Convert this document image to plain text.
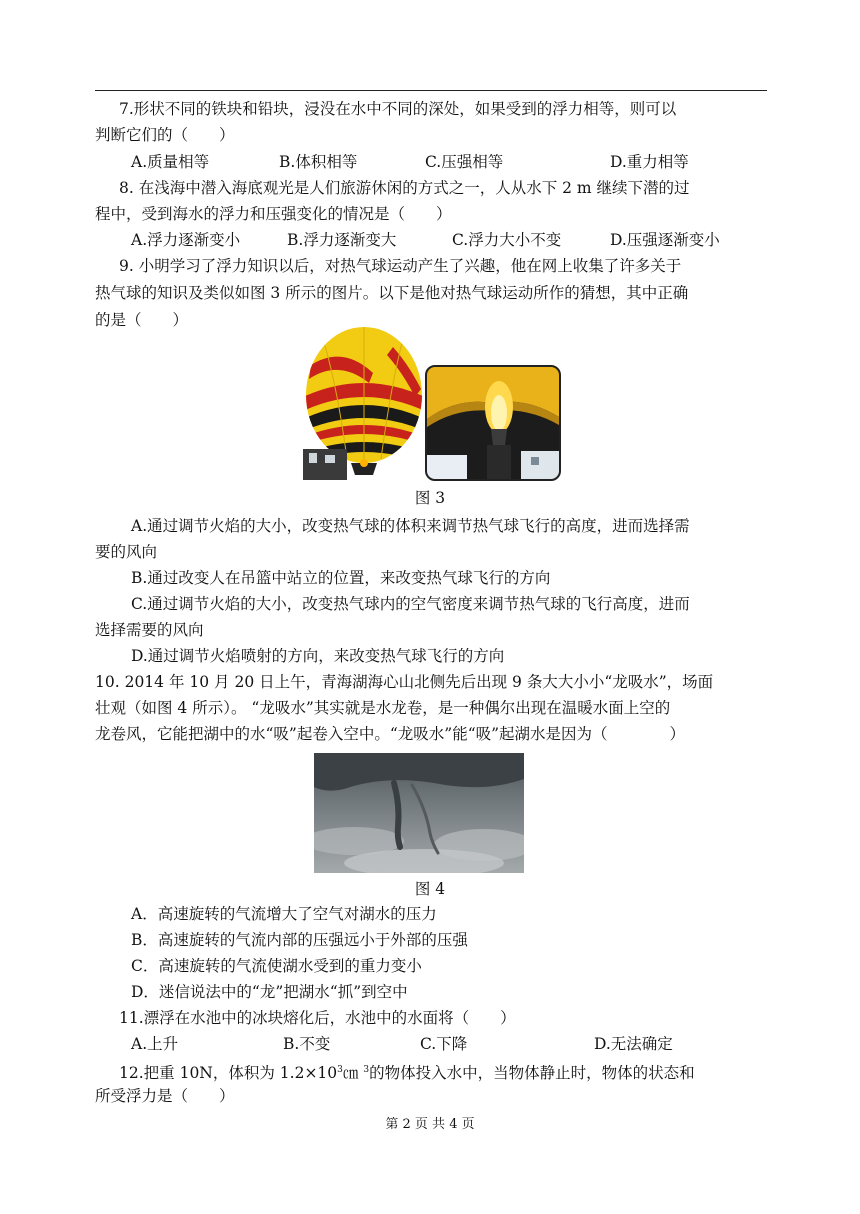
7.形状不同的铁块和铅块，浸没在水中不同的深处，如果受到的浮力相等，则可以
判断它们的（　　）
A.质量相等	B.体积相等	C.压强相等	D.重力相等
8. 在浅海中潜入海底观光是人们旅游休闲的方式之一，人从水下 2 m 继续下潜的过
程中，受到海水的浮力和压强变化的情况是（　　）
A.浮力逐渐变小	B.浮力逐渐变大	C.浮力大小不变	D.压强逐渐变小
9. 小明学习了浮力知识以后，对热气球运动产生了兴趣，他在网上收集了许多关于
热气球的知识及类似如图 3 所示的图片。以下是他对热气球运动所作的猜想，其中正确
的是（　　）
图 3
A.通过调节火焰的大小，改变热气球的体积来调节热气球飞行的高度，进而选择需
要的风向
B.通过改变人在吊篮中站立的位置，来改变热气球飞行的方向
C.通过调节火焰的大小，改变热气球内的空气密度来调节热气球的飞行高度，进而
选择需要的风向
D.通过调节火焰喷射的方向，来改变热气球飞行的方向
10. 2014 年 10 月 20 日上午，青海湖海心山北侧先后出现 9 条大大小小“龙吸水”，场面
壮观（如图 4 所示）。 “龙吸水”其实就是水龙卷，是一种偶尔出现在温暖水面上空的
龙卷风，它能把湖中的水“吸”起卷入空中。“龙吸水”能“吸”起湖水是因为（　　　　）
图 4
A．高速旋转的气流增大了空气对湖水的压力
B．高速旋转的气流内部的压强远小于外部的压强
C．高速旋转的气流使湖水受到的重力变小
D．迷信说法中的“龙”把湖水“抓”到空中
11.漂浮在水池中的冰块熔化后，水池中的水面将（　　）
A.上升	B.不变	C.下降	D.无法确定
12.把重 10N，体积为 $1.2\times 10^3㎝$ $^3$的物体投入水中，当物体静止时，物体的状态和
所受浮力是（　　）
第 2 页 共 4 页
